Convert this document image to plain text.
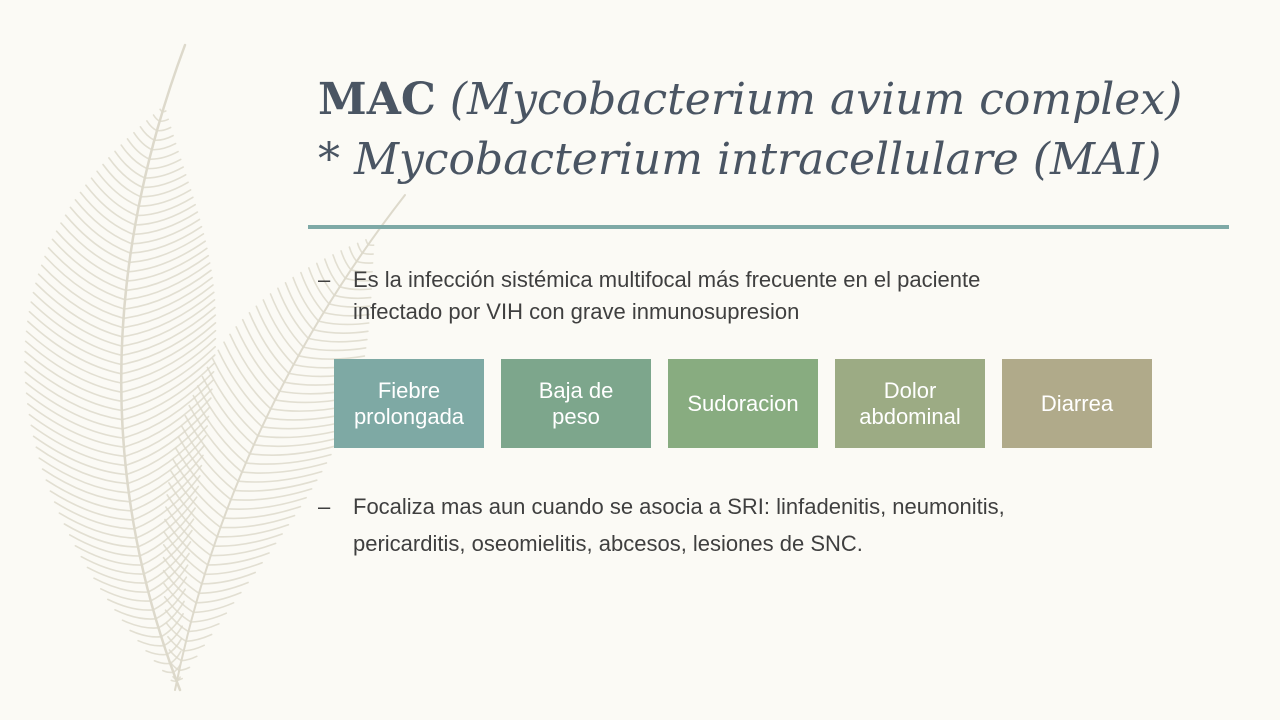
MAC (Mycobacterium avium complex)
* Mycobacterium intracellulare (MAI)
– Es la infección sistémica multifocal más frecuente en el paciente
infectado por VIH con grave inmunosupresion
Fiebre
prolongada
Baja de
peso
Sudoracion
Dolor
abdominal
Diarrea
– Focaliza mas aun cuando se asocia a SRI: linfadenitis, neumonitis,
pericarditis, oseomielitis, abcesos, lesiones de SNC.
